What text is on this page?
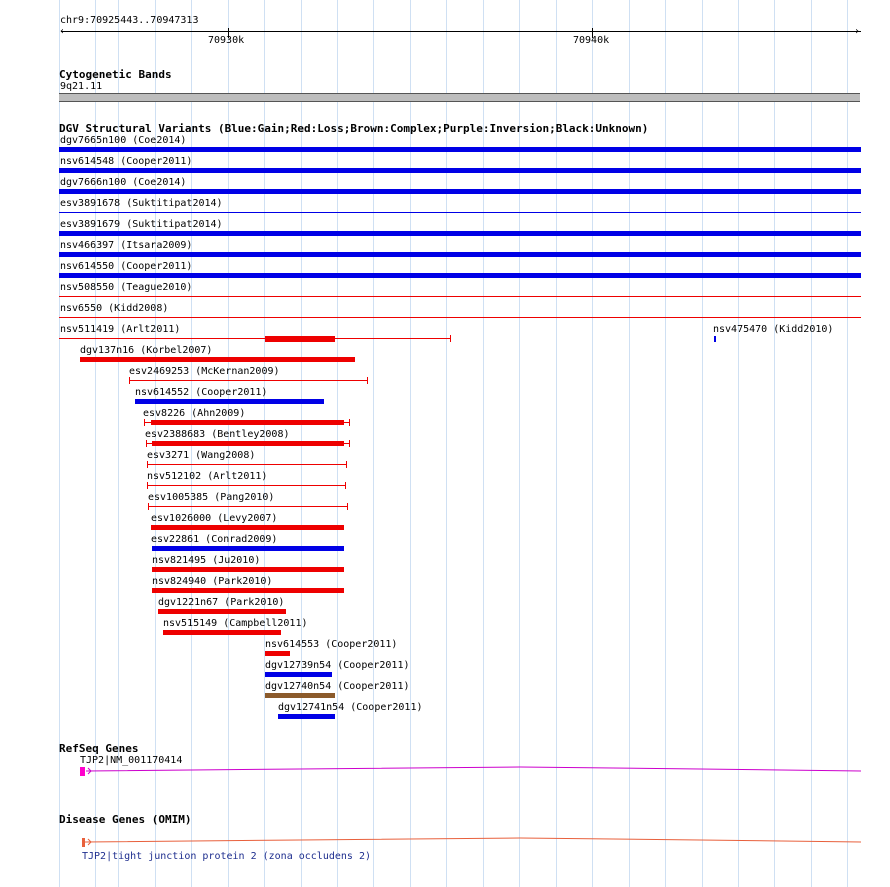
chr9:70925443..70947313
‹	›
70930k	70940k
Cytogenetic Bands
9q21.11
DGV Structural Variants (Blue:Gain;Red:Loss;Brown:Complex;Purple:Inversion;Black:Unknown)
dgv7665n100 (Coe2014)
nsv614548 (Cooper2011)
dgv7666n100 (Coe2014)
esv3891678 (Suktitipat2014)
esv3891679 (Suktitipat2014)
nsv466397 (Itsara2009)
nsv614550 (Cooper2011)
nsv508550 (Teague2010)
nsv6550 (Kidd2008)
nsv511419 (Arlt2011)	nsv475470 (Kidd2010)
dgv137n16 (Korbel2007)
esv2469253 (McKernan2009)
nsv614552 (Cooper2011)
esv8226 (Ahn2009)
esv2388683 (Bentley2008)
esv3271 (Wang2008)
nsv512102 (Arlt2011)
esv1005385 (Pang2010)
esv1026000 (Levy2007)
esv22861 (Conrad2009)
nsv821495 (Ju2010)
nsv824940 (Park2010)
dgv1221n67 (Park2010)
nsv515149 (Campbell2011)
nsv614553 (Cooper2011)
dgv12739n54 (Cooper2011)
dgv12740n54 (Cooper2011)
dgv12741n54 (Cooper2011)
RefSeq Genes
TJP2|NM_001170414
Disease Genes (OMIM)
TJP2|tight junction protein 2 (zona occludens 2)
